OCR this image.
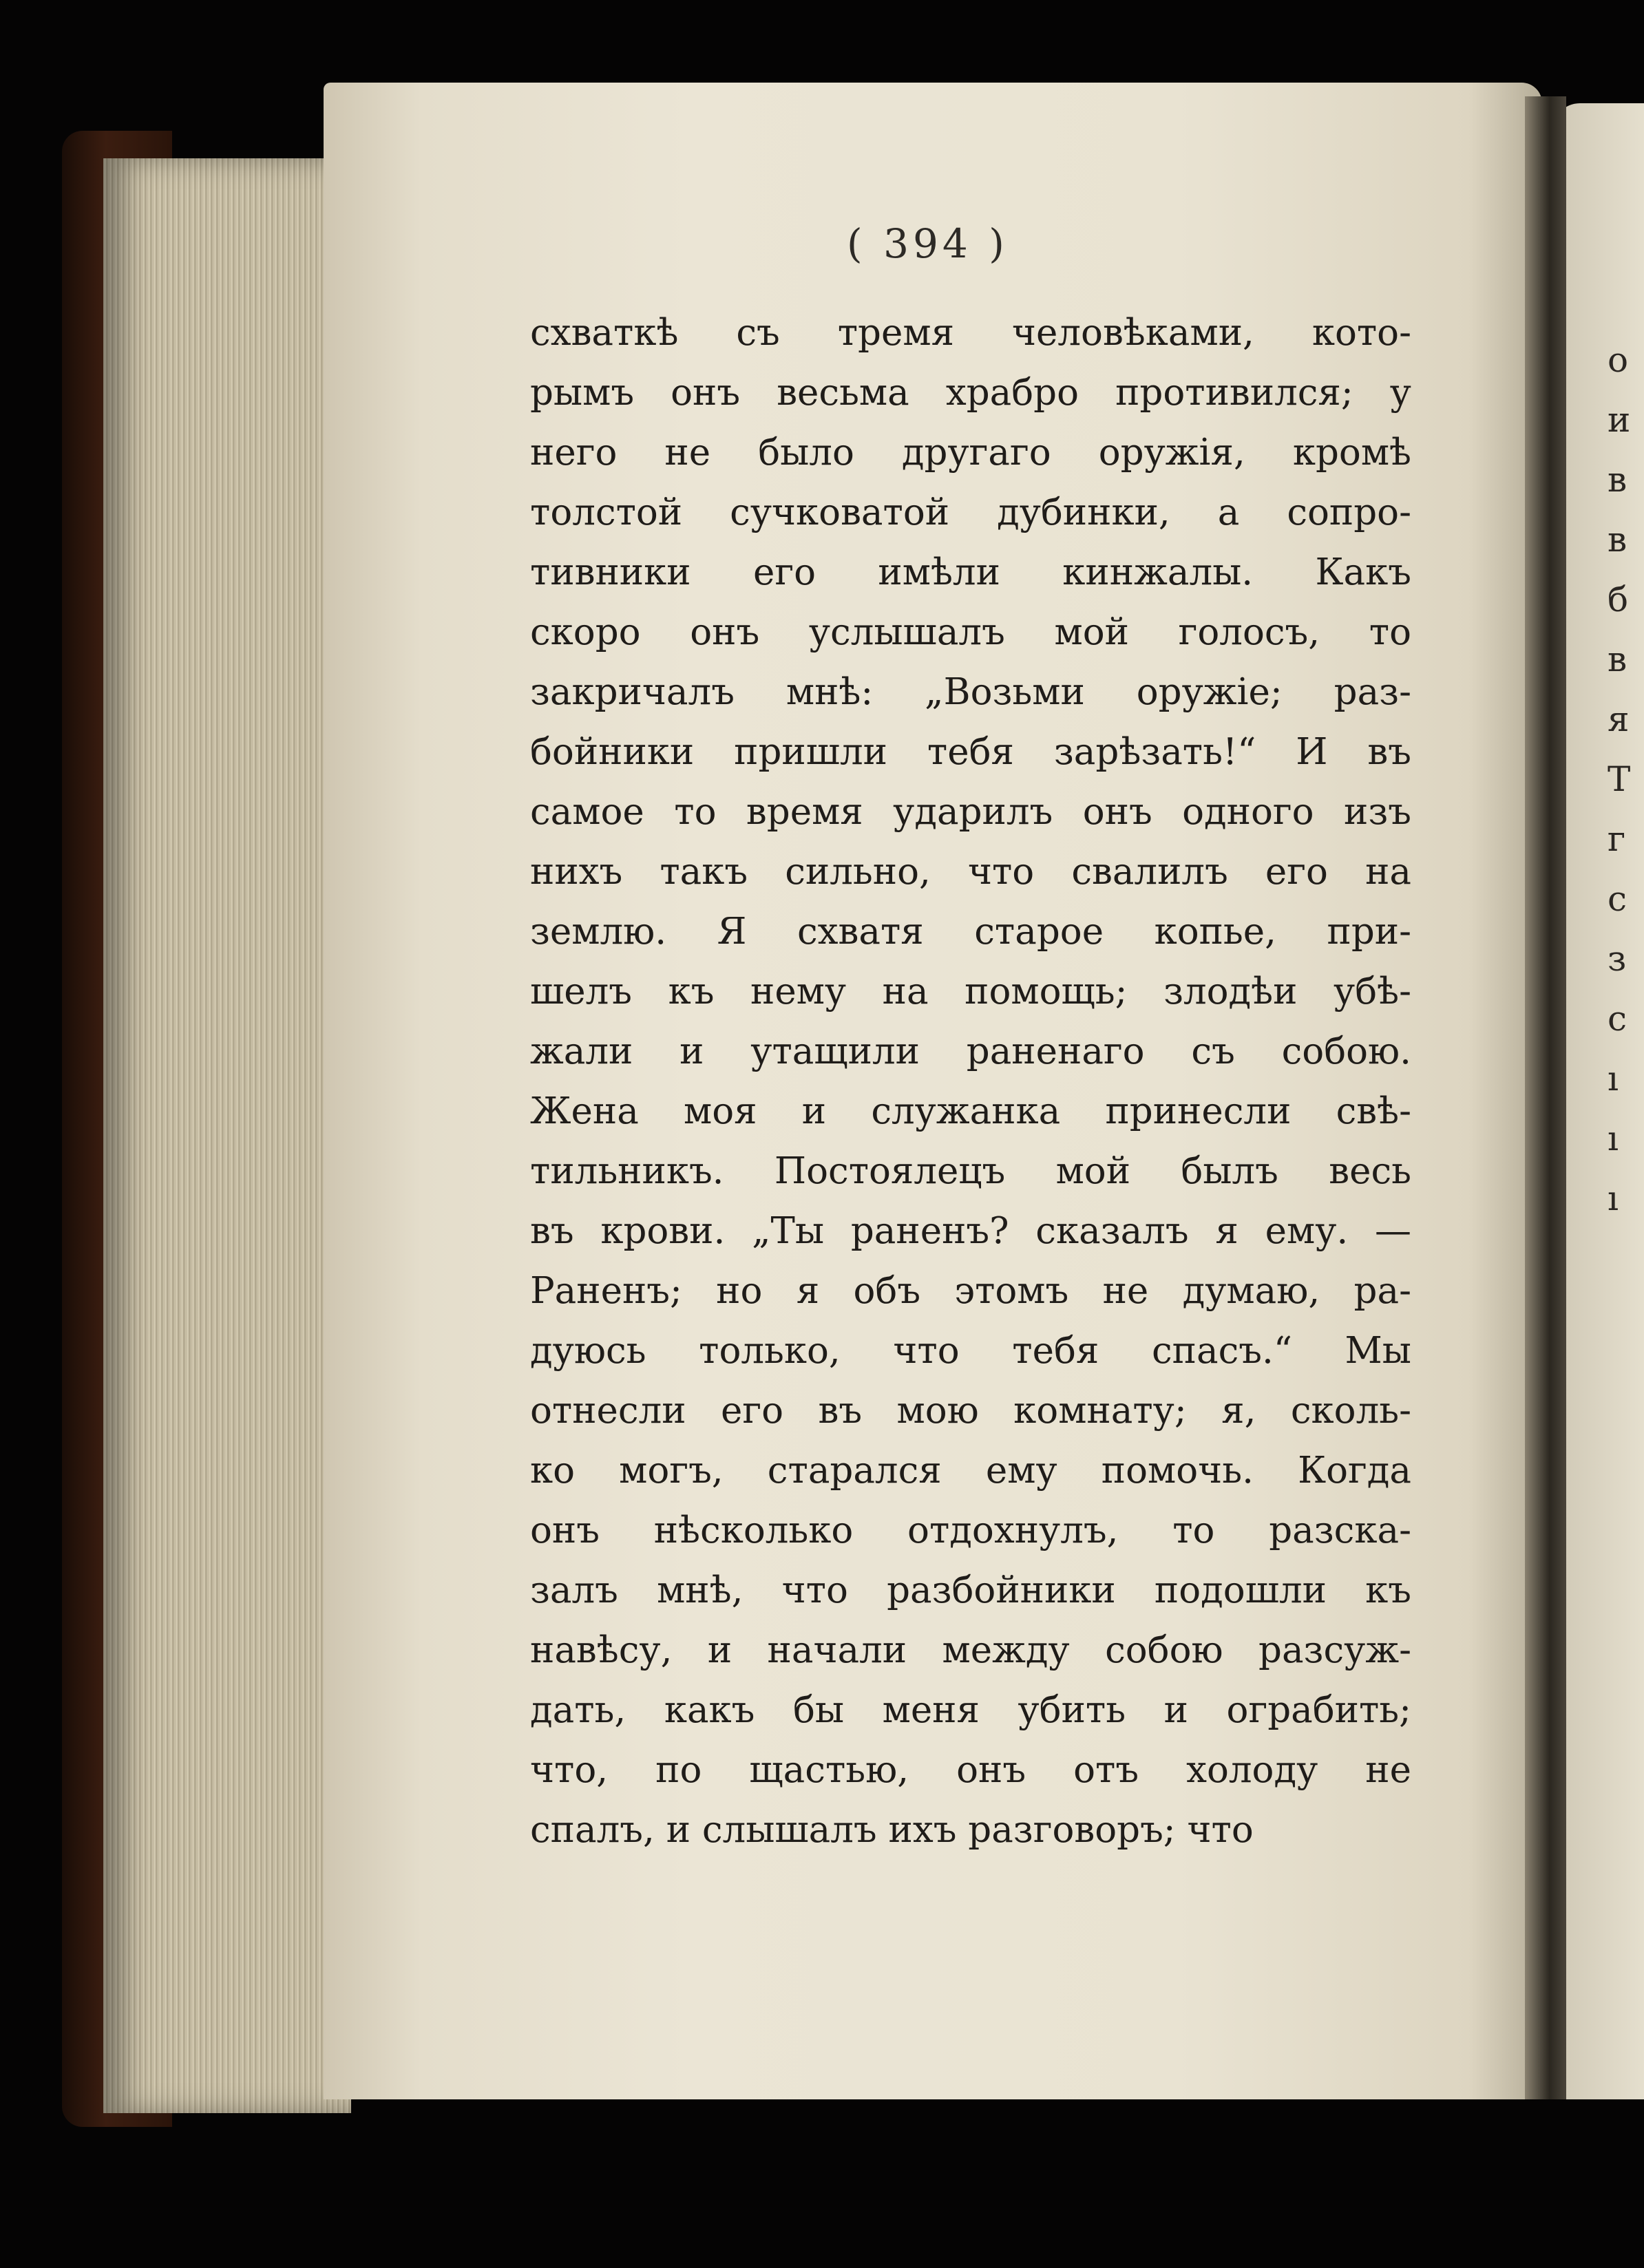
( 394 )
схваткѣ съ тремя человѣками, кото-
рымъ онъ весьма храбро противился; у
него не было другаго оружія, кромѣ
толстой сучковатой дубинки, а сопро-
тивники его имѣли кинжалы. Какъ
скоро онъ услышалъ мой голосъ, то
закричалъ мнѣ: „Возьми оружіе; раз-
бойники пришли тебя зарѣзать!“ И въ
самое то время ударилъ онъ одного изъ
нихъ такъ сильно, что свалилъ его на
землю. Я схватя старое копье, при-
шелъ къ нему на помощь; злодѣи убѣ-
жали и утащили раненаго съ собою.
Жена моя и служанка принесли свѣ-
тильникъ. Постоялецъ мой былъ весь
въ крови. „Ты раненъ? сказалъ я ему. —
Раненъ; но я объ этомъ не думаю, ра-
дуюсь только, что тебя спасъ.“ Мы
отнесли его въ мою комнату; я, сколь-
ко могъ, старался ему помочь. Когда
онъ нѣсколько отдохнулъ, то разска-
залъ мнѣ, что разбойники подошли къ
навѣсу, и начали между собою разсуж-
дать, какъ бы меня убить и ограбить;
что, по щастью, онъ отъ холоду не
спалъ, и слышалъ ихъ разговоръ; что
о
и
в
в
б
в
я
Т
г
с
з
с
ı
ı
ı
